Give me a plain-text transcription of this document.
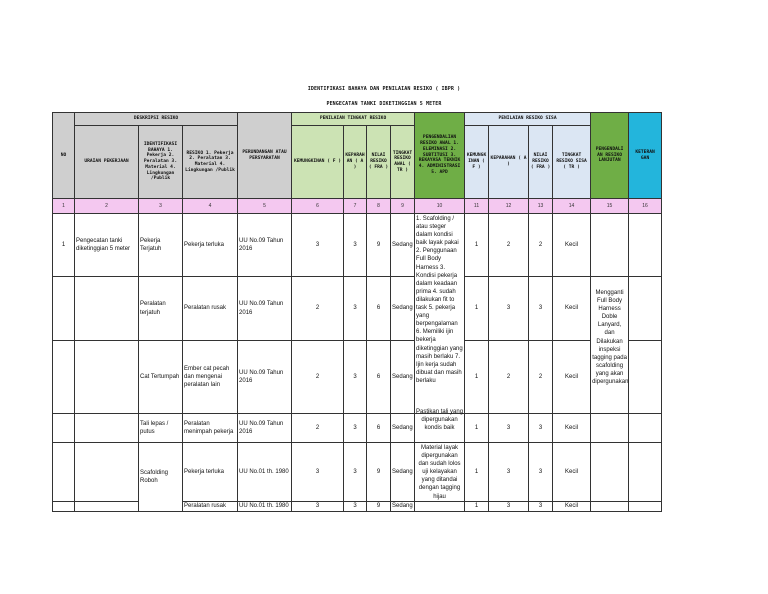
IDENTIFIKASI BAHAYA DAN PENILAIAN RESIKO ( IBPR )
PENGECATAN TANKI DIKETINGGIAN 5 METER
NO	DESKRIPSI RESIKO			PERUNDANGAN ATAU PERSYARATAN	PENILAIAN TINGKAT RESIKO				PENGENDALIAN RESIKO AWAL 1. ELEMINASI 2. SUBTITUSI 3. REKAYASA TEKNIK 4. ADMINISTRASI 5. APD	PENILAIAN RESIKO SISA				PENGENDALI AN RESIKO LANJUTAN	KETERAN GAN
	URAIAN PEKERJAAN	IDENTIFIKASI BAHAYA 1. Pekerja 2. Peralatan 3. Material 4. Lingkungan /Publik	RESIKO 1. Pekerja 2. Peralatan 3. Material 4. Lingkungan /Publik		KEMUNGKINAN ( F )	KEPARAH AN ( A )	NILAI RESIKO ( FRA )	TINGKAT RESIKO AWAL ( TR )		KEMUNGK INAN ( F )	KEPARAHAN ( A )	NILAI RESIKO ( FRA )	TINGKAT RESIKO SISA ( TR )		
1	2	3	4	5	6	7	8	9	10	11	12	13	14	15	16
1	Pengecatan tanki diketinggian 5 meter	Pekerja Terjatuh	Pekerja terluka	UU No.09 Tahun 2016	3	3	9	Sedang	1. Scafolding / atau steger dalam kondisi baik layak pakai 2. Penggunaan Full Body Harness 3. Kondisi pekerja dalam keadaan prima 4. sudah dilakukan fit to task 5. pekerja yang berpengalaman 6. Memiliki ijin bekerja diketinggian yang masih berlaku 7. Ijin kerja sudah dibuat dan masih berlaku	1	2	2	Kecil		
		Peralatan terjatuh	Peralatan rusak	UU No.09 Tahun 2016	2	3	6	Sedang		1	3	3	Kecil	Mengganti Full Body Harness Doble Lanyard, dan Dilakukan inspeksi tagging pada scafolding yang akan dipergunakan	
		Cat Tertumpah	Ember cat pecah dan mengenai peralatan lain	UU No.09 Tahun 2016	2	3	6	Sedang		1	2	2	Kecil		
		Tali lepas / putus	Peralatan menimpah pekerja	UU No.09 Tahun 2016	2	3	6	Sedang	Pastikan tali yang dipergunakan kondis baik	1	3	3	Kecil		
		Scafolding Roboh	Pekerja terluka	UU No.01 th. 1980	3	3	9	Sedang	Material layak dipergunakan dan sudah lolos uji kelayakan yang ditandai dengan tagging hijau	1	3	3	Kecil		
			Peralatan rusak	UU No.01 th. 1980	3	3	9	Sedang		1	3	3	Kecil		
